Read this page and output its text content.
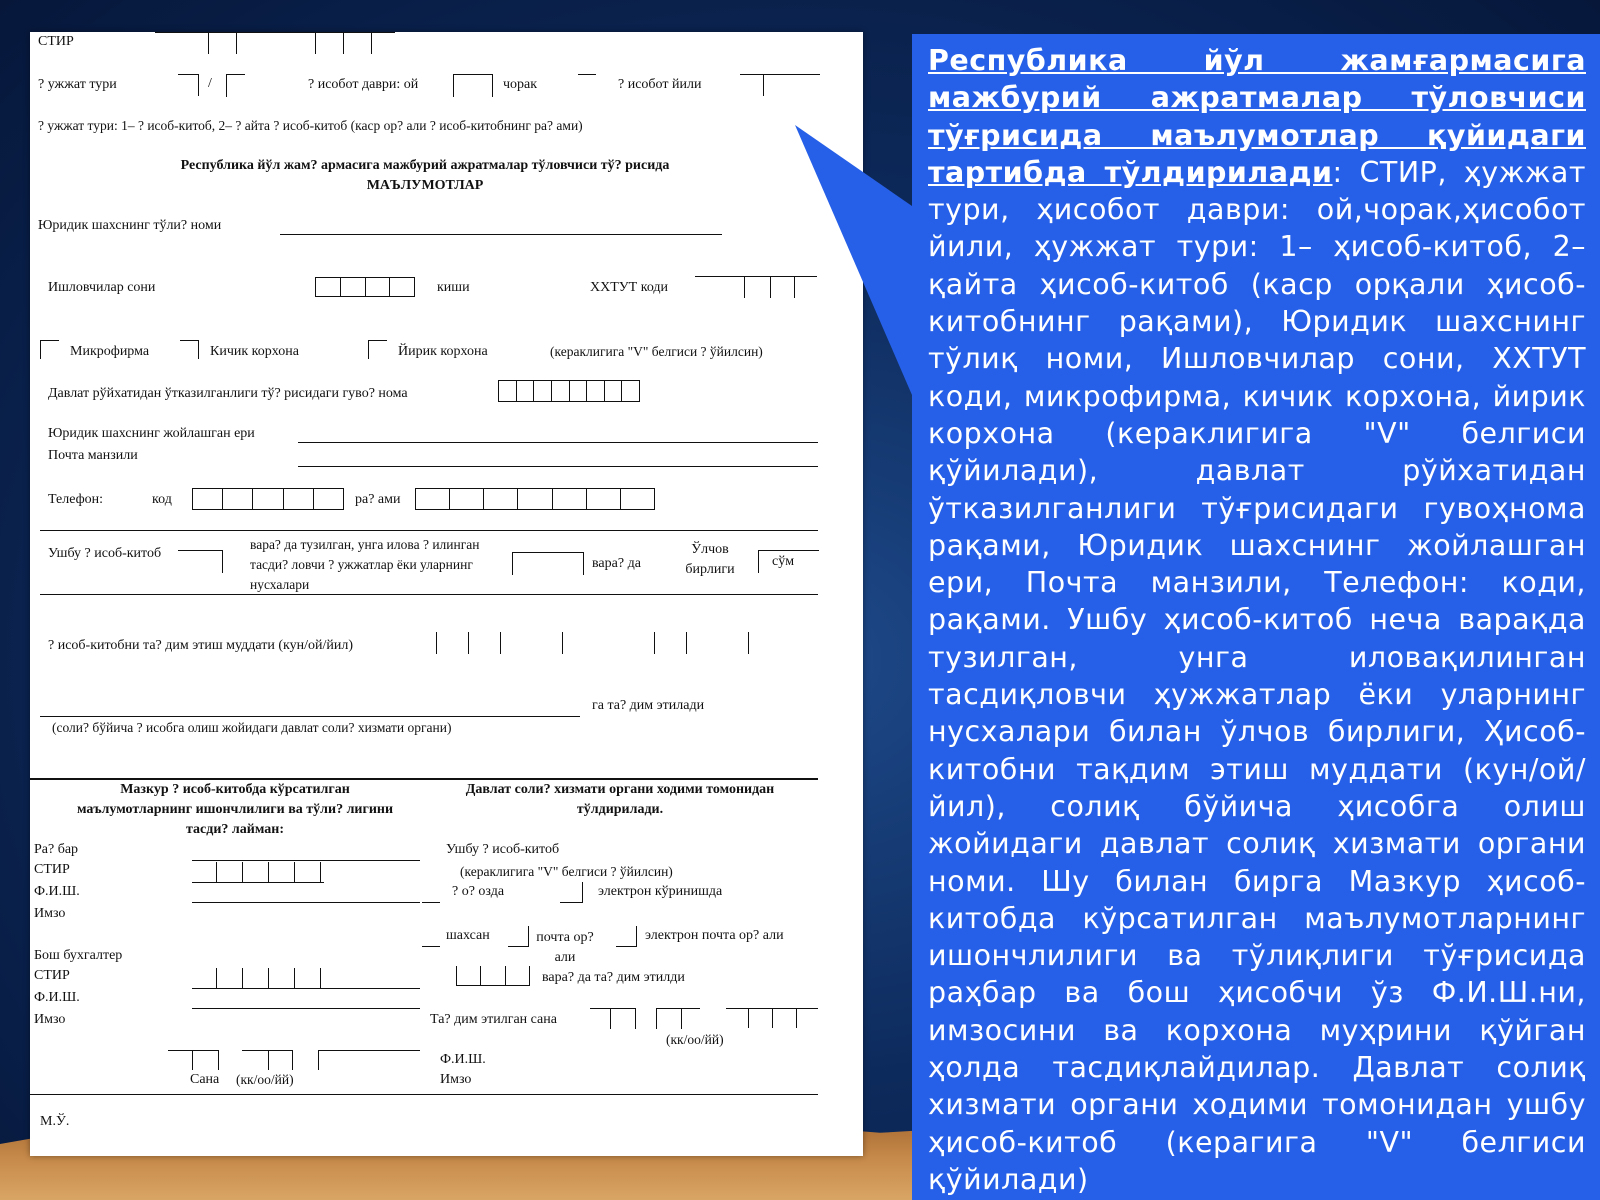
СТИР
? ужжат тури	/	? исобот даври: ой	чорак	? исобот йили
? ужжат тури: 1– ? исоб-китоб, 2– ? айта ? исоб-китоб (каср ор? али ? исоб-китобнинг ра? ами)
Республика йўл жам? армасига мажбурий ажратмалар тўловчиси тў? рисида
МАЪЛУМОТЛАР
Юридик шахснинг тўли? номи
Ишловчилар сони	киши	ХХТУТ коди
Микрофирма	Кичик корхона	Йирик корхона	(кераклигига "V" белгиси ? ўйилсин)
Давлат рўйхатидан ўтказилганлиги тў? рисидаги гуво? нома
Юридик шахснинг жойлашган ери
Почта манзили
Телефон:	код	ра? ами
Ушбу ? исоб-китоб
вара? да тузилган, унга илова ? илинган тасди? ловчи ? ужжатлар ёки уларнинг нусхалари
вара? да
Ўлчов бирлиги
сўм
? исоб-китобни та? дим этиш муддати (кун/ой/йил)
га та? дим этилади
(соли? бўйича ? исобга олиш жойидаги давлат соли? хизмати органи)
Мазкур ? исоб-китобда кўрсатилган маълумотларнинг ишончлилиги ва тўли? лигини тасди? лайман:
Давлат соли? хизмати органи ходими томонидан тўлдирилади.
Ра? бар
СТИР
Ф.И.Ш.
Имзо
Ушбу ? исоб-китоб
(кераклигига "V" белгиси ? ўйилсин)
? о? озда	электрон кўринишда
шахсан	почта ор? али
электрон почта ор? али
Бош бухгалтер
СТИР
Ф.И.Ш.
Имзо
вара? да та? дим этилди
Та? дим этилган сана
(кк/оо/йй)
Сана (кк/оо/йй)
Ф.И.Ш.
Имзо
М.Ў.
Республика йўл жамғармасига мажбурий ажратмалар тўловчиси тўғрисида маълумотлар қуйидаги тартибда тўлдирилади: СТИР, ҳужжат тури, ҳисобот даври: ой,чорак,ҳисобот йили, ҳужжат тури: 1– ҳисоб-китоб, 2– қайта ҳисоб-китоб (каср орқали ҳисоб-китобнинг рақами), Юридик шахснинг тўлиқ номи, Ишловчилар сони, ХХТУТ коди, микрофирма, кичик корхона, йирик корхона (кераклигига "V" белгиси қўйилади), давлат рўйхатидан ўтказилганлиги тўғрисидаги гувоҳнома рақами, Юридик шахснинг жойлашган ери, Почта манзили, Телефон: коди, рақами. Ушбу ҳисоб-китоб неча варақда тузилган, унга иловақилинган тасдиқловчи ҳужжатлар ёки уларнинг нусхалари билан ўлчов бирлиги, Ҳисоб-китобни тақдим этиш муддати (кун/ой/йил), солиқ бўйича ҳисобга олиш жойидаги давлат солиқ хизмати органи номи. Шу билан бирга Мазкур ҳисоб-китобда кўрсатилган маълумотларнинг ишончлилиги ва тўлиқлиги тўғрисида раҳбар ва бош ҳисобчи ўз Ф.И.Ш.ни, имзосини ва корхона муҳрини қўйган ҳолда тасдиқлайдилар. Давлат солиқ хизмати органи ходими томонидан ушбу ҳисоб-китоб (керагига "V" белгиси қўйилади)
